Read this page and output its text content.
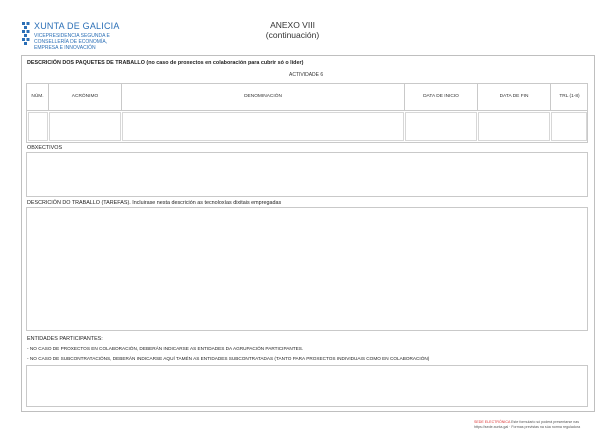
XUNTA DE GALICIA
VICEPRESIDENCIA SEGUNDA E
CONSELLERÍA DE ECONOMÍA,
EMPRESA E INNOVACIÓN
ANEXO VIII
(continuación)
DESCRICIÓN DOS PAQUETES DE TRABALLO (no caso de proxectos en colaboración para cubrir só o líder)
ACTIVIDADE 6
NÚM.	ACRÓNIMO	DENOMINACIÓN	DATA DE INICIO	DATA DE FIN	TRL (1-8)
OBXECTIVOS
DESCRICIÓN DO TRABALLO (TAREFAS). Incluirase nesta descrición as tecnoloxías dixitais empregadas
ENTIDADES PARTICIPANTES:
- NO CASO DE PROXECTOS EN COLABORACIÓN, DEBERÁN INDICARSE AS ENTIDADES DA AGRUPACIÓN PARTICIPANTES.
- NO CASO DE SUBCONTRATACIÓNS, DEBERÁN INDICARSE AQUÍ TAMÉN AS ENTIDADES SUBCONTRATADAS (TANTO PARA PROXECTOS INDIVIDUAIS COMO EN COLABORACIÓN)
SEDE ELECTRÓNICA Este formulario só poderá presentarse nas
https://sede.xunta.gal · Formas previstas na súa norma reguladora
